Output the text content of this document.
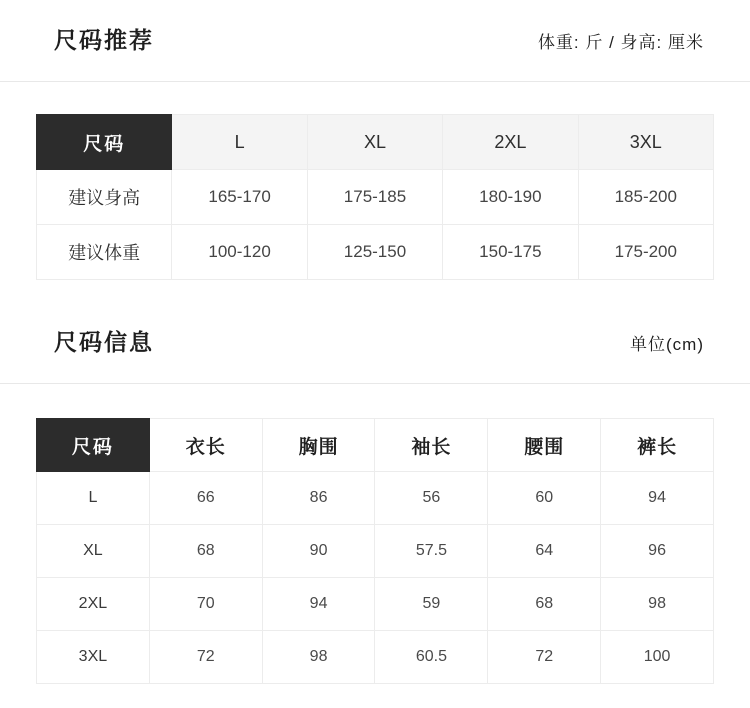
尺码推荐	体重: 斤 / 身高: 厘米
尺码	L	XL	2XL	3XL
建议身高	165-170	175-185	180-190	185-200
建议体重	100-120	125-150	150-175	175-200
尺码信息	单位(cm)
尺码	衣长	胸围	袖长	腰围	裤长
L	66	86	56	60	94
XL	68	90	57.5	64	96
2XL	70	94	59	68	98
3XL	72	98	60.5	72	100
